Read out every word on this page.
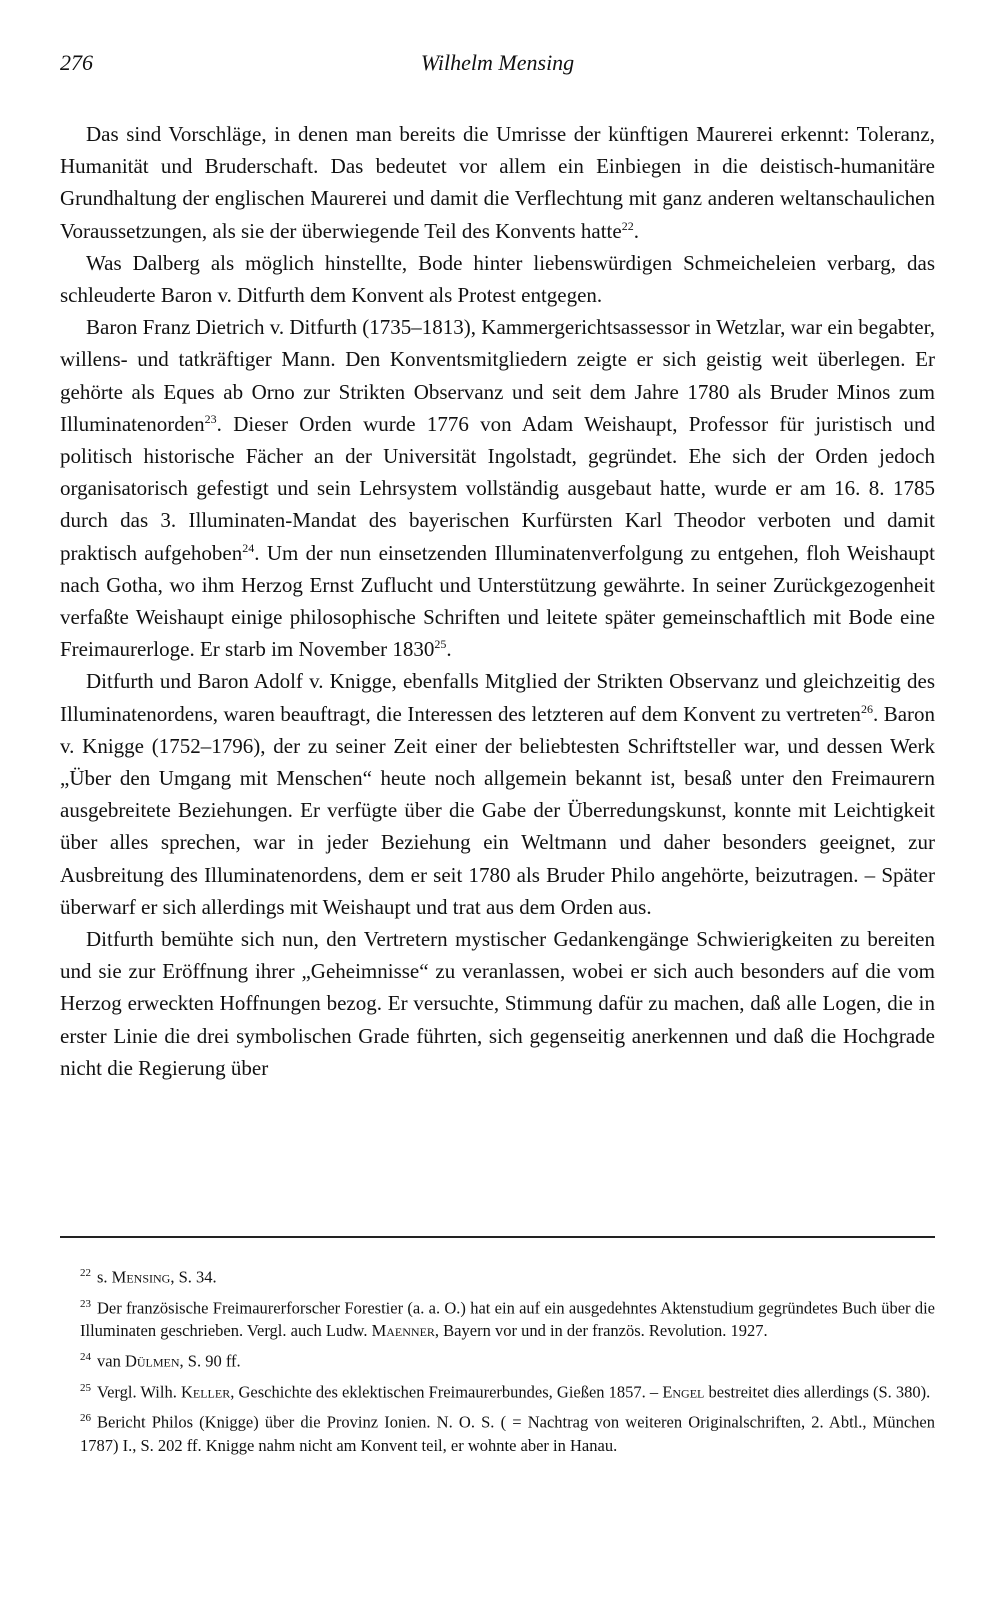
276	Wilhelm Mensing

Das sind Vorschläge, in denen man bereits die Umrisse der künftigen Maurerei erkennt: Toleranz, Humanität und Bruderschaft. Das bedeutet vor allem ein Einbiegen in die deistisch-humanitäre Grundhaltung der englischen Maurerei und damit die Verflechtung mit ganz anderen weltanschaulichen Voraussetzungen, als sie der überwiegende Teil des Konvents hatte$^{22}$.

Was Dalberg als möglich hinstellte, Bode hinter liebenswürdigen Schmeicheleien verbarg, das schleuderte Baron v. Ditfurth dem Konvent als Protest entgegen.

Baron Franz Dietrich v. Ditfurth (1735–1813), Kammergerichtsassessor in Wetzlar, war ein begabter, willens- und tatkräftiger Mann. Den Konventsmitgliedern zeigte er sich geistig weit überlegen. Er gehörte als Eques ab Orno zur Strikten Observanz und seit dem Jahre 1780 als Bruder Minos zum Illuminatenorden$^{23}$. Dieser Orden wurde 1776 von Adam Weishaupt, Professor für juristisch und politisch historische Fächer an der Universität Ingolstadt, gegründet. Ehe sich der Orden jedoch organisatorisch gefestigt und sein Lehrsystem vollständig ausgebaut hatte, wurde er am 16. 8. 1785 durch das 3. Illuminaten-Mandat des bayerischen Kurfürsten Karl Theodor verboten und damit praktisch aufgehoben$^{24}$. Um der nun einsetzenden Illuminatenverfolgung zu entgehen, floh Weishaupt nach Gotha, wo ihm Herzog Ernst Zuflucht und Unterstützung gewährte. In seiner Zurückgezogenheit verfaßte Weishaupt einige philosophische Schriften und leitete später gemeinschaftlich mit Bode eine Freimaurerloge. Er starb im November 1830$^{25}$.

Ditfurth und Baron Adolf v. Knigge, ebenfalls Mitglied der Strikten Observanz und gleichzeitig des Illuminatenordens, waren beauftragt, die Interessen des letzteren auf dem Konvent zu vertreten$^{26}$. Baron v. Knigge (1752–1796), der zu seiner Zeit einer der beliebtesten Schriftsteller war, und dessen Werk „Über den Umgang mit Menschen“ heute noch allgemein bekannt ist, besaß unter den Freimaurern ausgebreitete Beziehungen. Er verfügte über die Gabe der Überredungskunst, konnte mit Leichtigkeit über alles sprechen, war in jeder Beziehung ein Weltmann und daher besonders geeignet, zur Ausbreitung des Illuminatenordens, dem er seit 1780 als Bruder Philo angehörte, beizutragen. – Später überwarf er sich allerdings mit Weishaupt und trat aus dem Orden aus.

Ditfurth bemühte sich nun, den Vertretern mystischer Gedankengänge Schwierigkeiten zu bereiten und sie zur Eröffnung ihrer „Geheimnisse“ zu veranlassen, wobei er sich auch besonders auf die vom Herzog erweckten Hoffnungen bezog. Er versuchte, Stimmung dafür zu machen, daß alle Logen, die in erster Linie die drei symbolischen Grade führten, sich gegenseitig anerkennen und daß die Hochgrade nicht die Regierung über

$^{22}$ s. Mensing, S. 34.

$^{23}$ Der französische Freimaurerforscher Forestier (a. a. O.) hat ein auf ein ausgedehntes Aktenstudium gegründetes Buch über die Illuminaten geschrieben. Vergl. auch Ludw. Maenner, Bayern vor und in der französ. Revolution. 1927.

$^{24}$ van Dülmen, S. 90 ff.

$^{25}$ Vergl. Wilh. Keller, Geschichte des eklektischen Freimaurerbundes, Gießen 1857. – Engel bestreitet dies allerdings (S. 380).

$^{26}$ Bericht Philos (Knigge) über die Provinz Ionien. N. O. S. ( = Nachtrag von weiteren Originalschriften, 2. Abtl., München 1787) I., S. 202 ff. Knigge nahm nicht am Konvent teil, er wohnte aber in Hanau.
